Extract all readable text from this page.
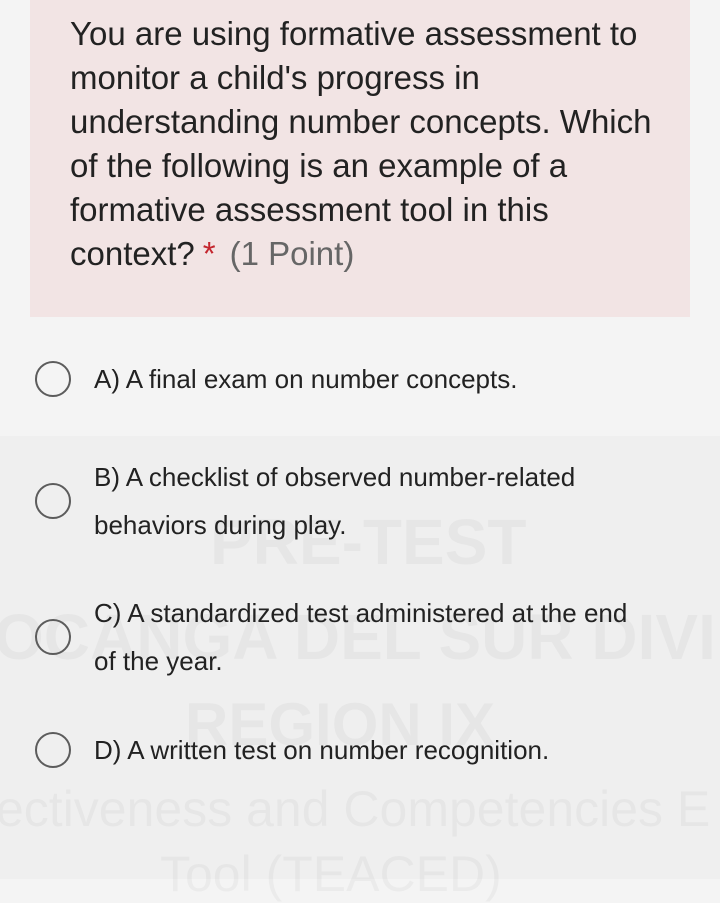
You are using formative assessment to monitor a child's progress in understanding number concepts. Which of the following is an example of a formative assessment tool in this context? * (1 Point)
A) A final exam on number concepts.
B) A checklist of observed number-related behaviors during play.
C) A standardized test administered at the end of the year.
D) A written test on number recognition.
